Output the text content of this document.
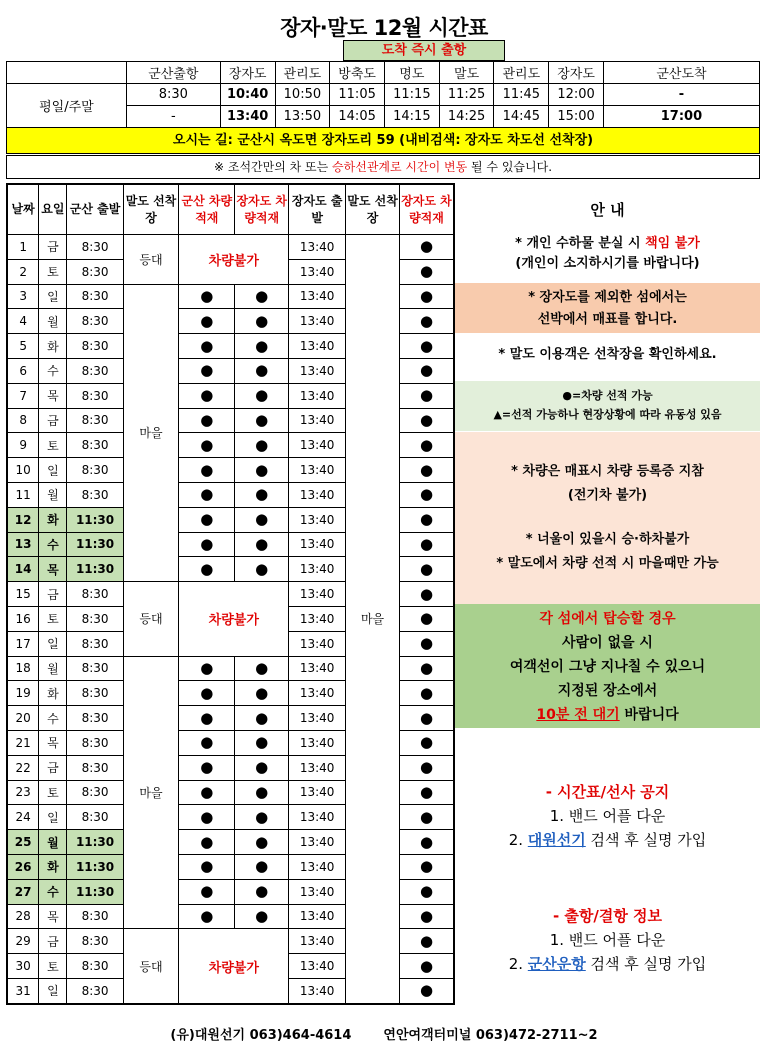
장자·말도 12월 시간표
도착 즉시 출항
	군산출항	장자도	관리도	방축도	명도	말도	관리도	장자도	군산도착
평일/주말	8:30	10:40	10:50	11:05	11:15	11:25	11:45	12:00	-
	-	13:40	13:50	14:05	14:15	14:25	14:45	15:00	17:00
오시는 길: 군산시 옥도면 장자도리 59 (내비검색: 장자도 차도선 선착장)
※ 조석간만의 차 또는 승하선관계로 시간이 변동 될 수 있습니다.
날짜	요일	군산 출발	말도 선착장	군산 차량적재	장자도 차량적재	장자도 출발	말도 선착장	장자도 차량적재
1	금	8:30	등대	차량불가		13:40	마을	●
2	토	8:30				13:40		●
3	일	8:30	마을	●	●	13:40		●
4	월	8:30		●	●	13:40		●
5	화	8:30		●	●	13:40		●
6	수	8:30		●	●	13:40		●
7	목	8:30		●	●	13:40		●
8	금	8:30		●	●	13:40		●
9	토	8:30		●	●	13:40		●
10	일	8:30		●	●	13:40		●
11	월	8:30		●	●	13:40		●
12	화	11:30		●	●	13:40		●
13	수	11:30		●	●	13:40		●
14	목	11:30		●	●	13:40		●
15	금	8:30	등대	차량불가		13:40		●
16	토	8:30				13:40		●
17	일	8:30				13:40		●
18	월	8:30	마을	●	●	13:40		●
19	화	8:30		●	●	13:40		●
20	수	8:30		●	●	13:40		●
21	목	8:30		●	●	13:40		●
22	금	8:30		●	●	13:40		●
23	토	8:30		●	●	13:40		●
24	일	8:30		●	●	13:40		●
25	월	11:30		●	●	13:40		●
26	화	11:30		●	●	13:40		●
27	수	11:30		●	●	13:40		●
28	목	8:30		●	●	13:40		●
29	금	8:30	등대	차량불가		13:40		●
30	토	8:30				13:40		●
31	일	8:30				13:40		●
안 내
* 개인 수하물 분실 시 책임 불가
(개인이 소지하시기를 바랍니다)
* 장자도를 제외한 섬에서는
선박에서 매표를 합니다.
* 말도 이용객은 선착장을 확인하세요.
●=차량 선적 가능
▲=선적 가능하나 현장상황에 따라 유동성 있음
* 차량은 매표시 차량 등록증 지참
(전기차 불가)
* 너울이 있을시 승·하차불가
* 말도에서 차량 선적 시 마을때만 가능
각 섬에서 탑승할 경우
사람이 없을 시
여객선이 그냥 지나칠 수 있으니
지정된 장소에서
10분 전 대기 바랍니다
- 시간표/선사 공지
1. 밴드 어플 다운
2. 대원선기 검색 후 실명 가입
- 출항/결항 정보
1. 밴드 어플 다운
2. 군산운항 검색 후 실명 가입
(유)대원선기 063)464-4614 연안여객터미널 063)472-2711~2
